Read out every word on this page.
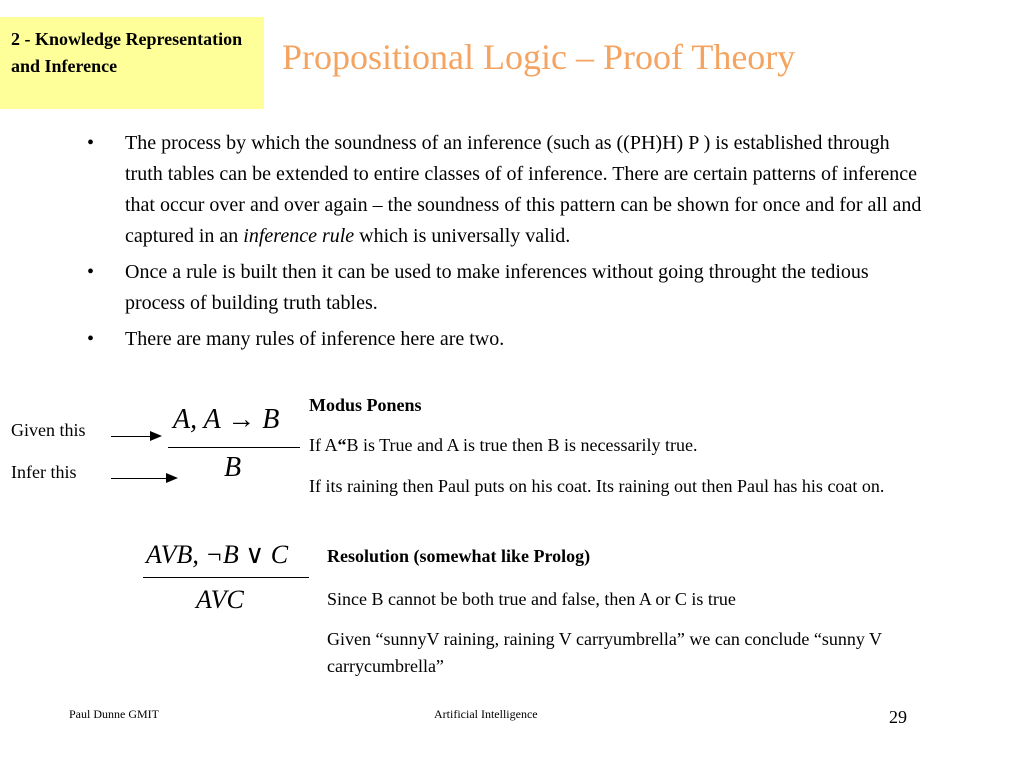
2 - Knowledge Representation and Inference	Propositional Logic – Proof Theory
• The process by which the soundness of an inference (such as ((PH)H) P ) is established through truth tables can be extended to entire classes of of inference. There are certain patterns of inference that occur over and over again – the soundness of this pattern can be shown for once and for all and captured in an inference rule which is universally valid.
• Once a rule is built then it can be used to make inferences without going throught the tedious process of building truth tables.
• There are many rules of inference here are two.
Given this
Infer this
A, A → B
B
Modus Ponens
If A“B is True and A is true then B is necessarily true.
If its raining then Paul puts on his coat. Its raining out then Paul has his coat on.
AVB, ¬B ∨ C
AVC
Resolution (somewhat like Prolog)
Since B cannot be both true and false, then A or C is true
Given “sunnyV raining, raining V carryumbrella” we can conclude “sunny V carrycumbrella”
Paul Dunne GMIT	Artificial Intelligence	29
